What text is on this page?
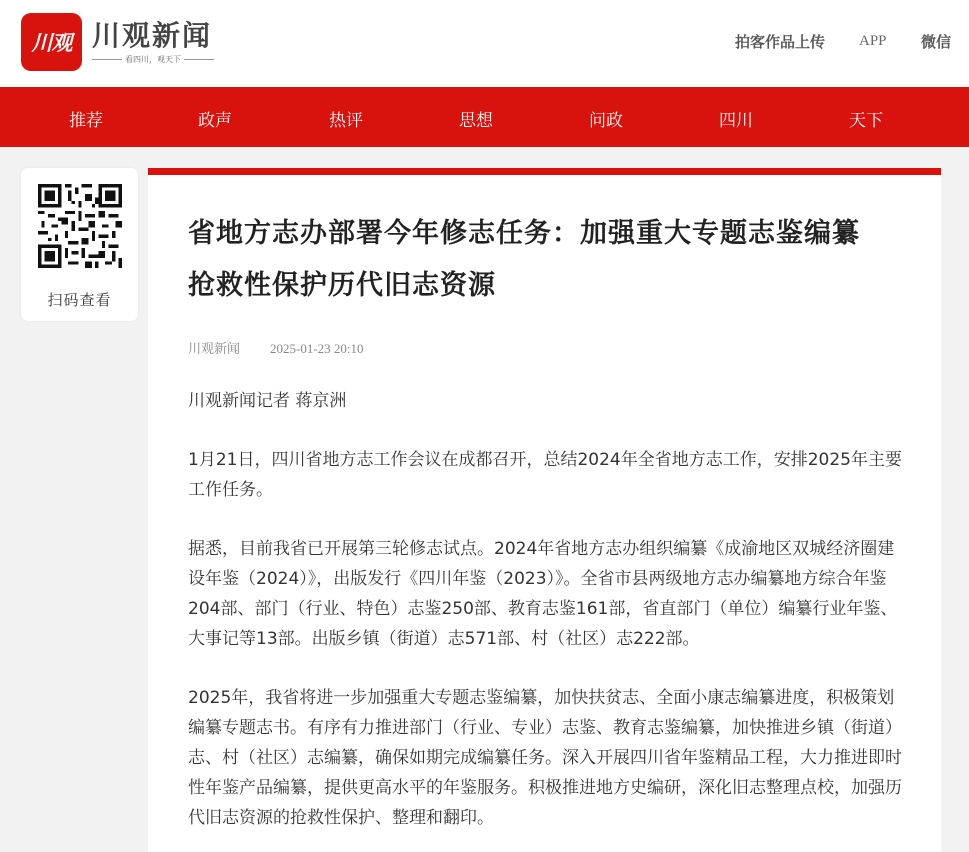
川观 川观新闻
看四川，观天下
拍客作品上传 APP 微信
推荐	政声	热评	思想	问政	四川	天下
扫码查看
省地方志办部署今年修志任务：加强重大专题志鉴编纂 抢救性保护历代旧志资源
川观新闻 2025-01-23 20:10

川观新闻记者 蒋京洲

1月21日，四川省地方志工作会议在成都召开，总结2024年全省地方志工作，安排2025年主要工作任务。

据悉，目前我省已开展第三轮修志试点。2024年省地方志办组织编纂《成渝地区双城经济圈建设年鉴（2024）》，出版发行《四川年鉴（2023）》。全省市县两级地方志办编纂地方综合年鉴204部、部门（行业、特色）志鉴250部、教育志鉴161部，省直部门（单位）编纂行业年鉴、大事记等13部。出版乡镇（街道）志571部、村（社区）志222部。

2025年，我省将进一步加强重大专题志鉴编纂，加快扶贫志、全面小康志编纂进度，积极策划编纂专题志书。有序有力推进部门（行业、专业）志鉴、教育志鉴编纂，加快推进乡镇（街道）志、村（社区）志编纂，确保如期完成编纂任务。深入开展四川省年鉴精品工程，大力推进即时性年鉴产品编纂，提供更高水平的年鉴服务。积极推进地方史编研，深化旧志整理点校，加强历代旧志资源的抢救性保护、整理和翻印。
